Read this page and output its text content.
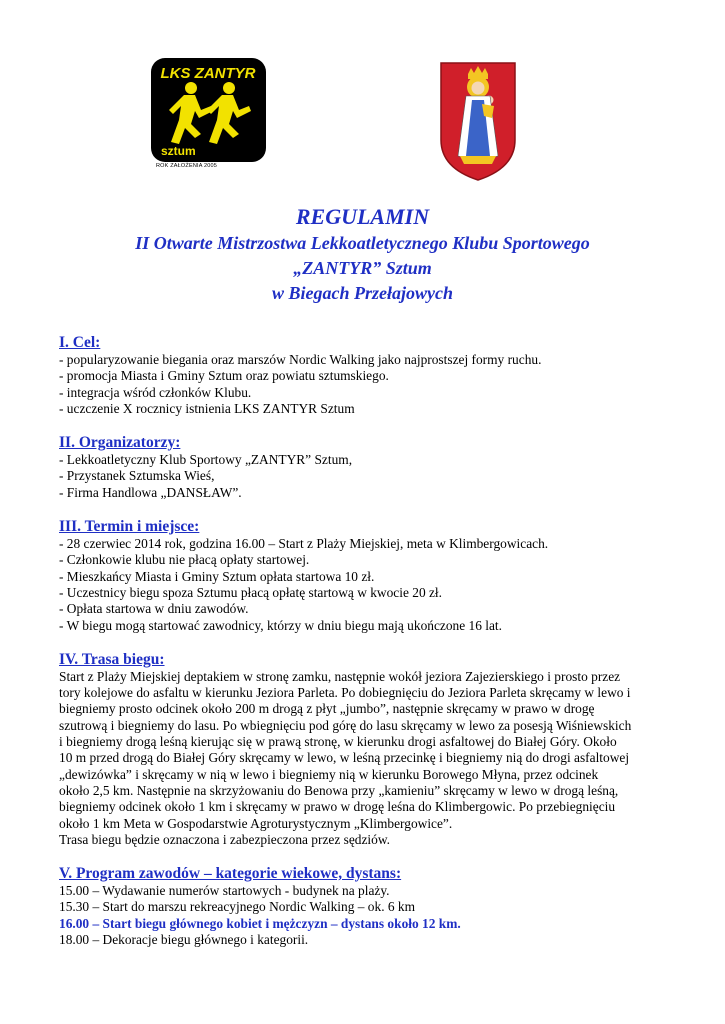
LKS ZANTYR
sztum
ROK ZAŁOŻENIA 2005
REGULAMIN
II Otwarte Mistrzostwa Lekkoatletycznego Klubu Sportowego
„ZANTYR” Sztum
w Biegach Przełajowych

I. Cel:

- popularyzowanie biegania oraz marszów Nordic Walking jako najprostszej formy ruchu.

- promocja Miasta i Gminy Sztum oraz powiatu sztumskiego.

- integracja wśród członków Klubu.

- uczczenie X rocznicy istnienia LKS ZANTYR Sztum

II. Organizatorzy:

- Lekkoatletyczny Klub Sportowy „ZANTYR” Sztum,

- Przystanek Sztumska Wieś,

- Firma Handlowa „DANSŁAW”.

III. Termin i miejsce:

- 28 czerwiec 2014 rok, godzina 16.00 – Start z Plaży Miejskiej, meta w Klimbergowicach.

- Członkowie klubu nie płacą opłaty startowej.

- Mieszkańcy Miasta i Gminy Sztum opłata startowa 10 zł.

- Uczestnicy biegu spoza Sztumu płacą opłatę startową w kwocie 20 zł.

- Opłata startowa w dniu zawodów.

- W biegu mogą startować zawodnicy, którzy w dniu biegu mają ukończone 16 lat.

IV. Trasa biegu:

Start z Plaży Miejskiej deptakiem w stronę zamku, następnie wokół jeziora Zajezierskiego i prosto przez

tory kolejowe do asfaltu w kierunku Jeziora Parleta. Po dobiegnięciu do Jeziora Parleta skręcamy w lewo i

biegniemy prosto odcinek około 200 m drogą z płyt „jumbo”, następnie skręcamy w prawo w drogę

szutrową i biegniemy do lasu. Po wbiegnięciu pod górę do lasu skręcamy w lewo za posesją Wiśniewskich

i biegniemy drogą leśną kierując się w prawą stronę, w kierunku drogi asfaltowej do Białej Góry. Około

10 m przed drogą do Białej Góry skręcamy w lewo, w leśną przecinkę i biegniemy nią do drogi asfaltowej

„dewizówka” i skręcamy w nią w lewo i biegniemy nią w kierunku Borowego Młyna, przez odcinek

około 2,5 km. Następnie na skrzyżowaniu do Benowa przy „kamieniu” skręcamy w lewo w drogą leśną,

biegniemy odcinek około 1 km i skręcamy w prawo w drogę leśna do Klimbergowic. Po przebiegnięciu

około 1 km Meta w Gospodarstwie Agroturystycznym „Klimbergowice”.

Trasa biegu będzie oznaczona i zabezpieczona przez sędziów.

V. Program zawodów – kategorie wiekowe, dystans:

15.00 – Wydawanie numerów startowych - budynek na plaży.

15.30 – Start do marszu rekreacyjnego Nordic Walking – ok. 6 km

16.00 – Start biegu głównego kobiet i mężczyzn – dystans około 12 km.

18.00 – Dekoracje biegu głównego i kategorii.
